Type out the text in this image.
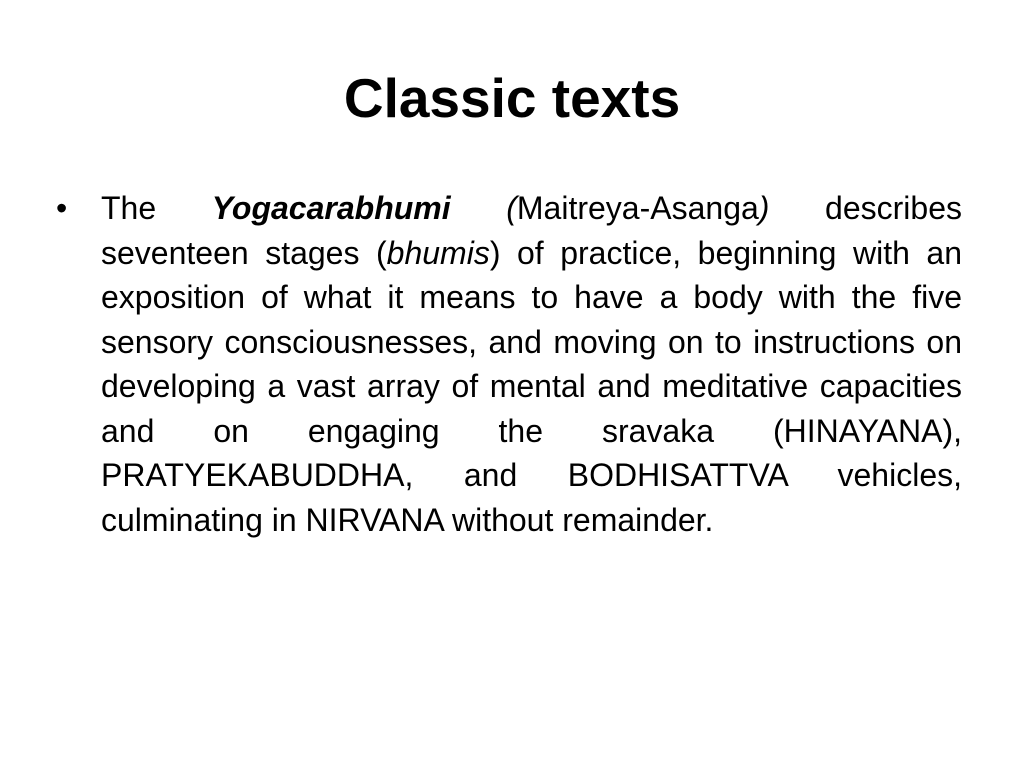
Classic texts
• The Yogacarabhumi (Maitreya-Asanga) describes seventeen stages (bhumis) of practice, beginning with an exposition of what it means to have a body with the five sensory consciousnesses, and moving on to instructions on developing a vast array of mental and meditative capacities and on engaging the sravaka (HINAYANA), PRATYEKABUDDHA, and BODHISATTVA vehicles, culminating in NIRVANA without remainder.
